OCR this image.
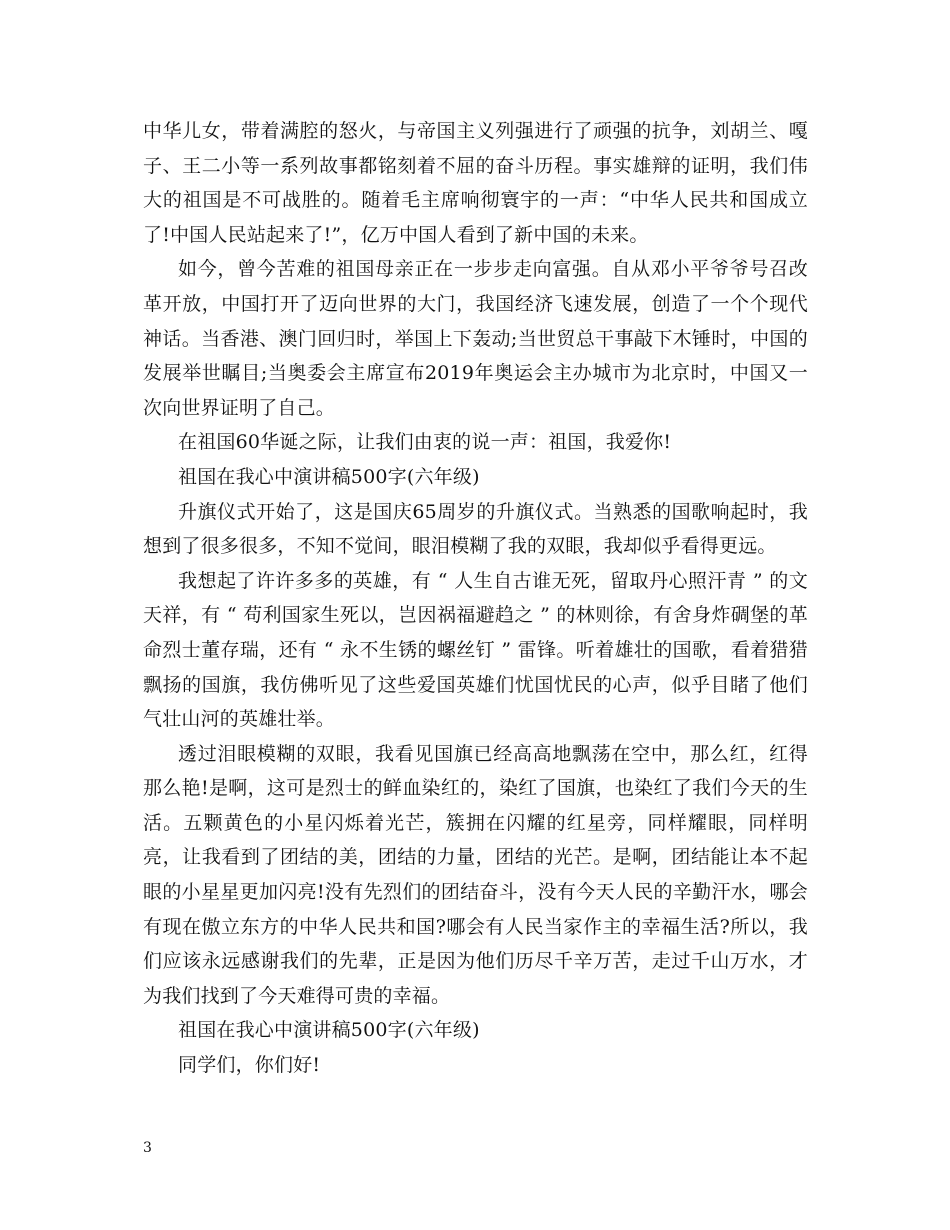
中华儿女，带着满腔的怒火，与帝国主义列强进行了顽强的抗争，刘胡兰、嘎子、王二小等一系列故事都铭刻着不屈的奋斗历程。事实雄辩的证明，我们伟大的祖国是不可战胜的。随着毛主席响彻寰宇的一声：“中华人民共和国成立了!中国人民站起来了!”，亿万中国人看到了新中国的未来。

如今，曾今苦难的祖国母亲正在一步步走向富强。自从邓小平爷爷号召改革开放，中国打开了迈向世界的大门，我国经济飞速发展，创造了一个个现代神话。当香港、澳门回归时，举国上下轰动;当世贸总干事敲下木锤时，中国的发展举世瞩目;当奥委会主席宣布2019年奥运会主办城市为北京时，中国又一次向世界证明了自己。

在祖国60华诞之际，让我们由衷的说一声：祖国，我爱你!

祖国在我心中演讲稿500字(六年级)

升旗仪式开始了，这是国庆65周岁的升旗仪式。当熟悉的国歌响起时，我想到了很多很多，不知不觉间，眼泪模糊了我的双眼，我却似乎看得更远。

我想起了许许多多的英雄，有 “ 人生自古谁无死，留取丹心照汗青 ” 的文天祥，有 “ 苟利国家生死以，岂因祸福避趋之 ” 的林则徐，有舍身炸碉堡的革命烈士董存瑞，还有 “ 永不生锈的螺丝钉 ” 雷锋。听着雄壮的国歌，看着猎猎飘扬的国旗，我仿佛听见了这些爱国英雄们忧国忧民的心声，似乎目睹了他们气壮山河的英雄壮举。

透过泪眼模糊的双眼，我看见国旗已经高高地飘荡在空中，那么红，红得那么艳!是啊，这可是烈士的鲜血染红的，染红了国旗，也染红了我们今天的生活。五颗黄色的小星闪烁着光芒，簇拥在闪耀的红星旁，同样耀眼，同样明亮，让我看到了团结的美，团结的力量，团结的光芒。是啊，团结能让本不起眼的小星星更加闪亮!没有先烈们的团结奋斗，没有今天人民的辛勤汗水，哪会有现在傲立东方的中华人民共和国?哪会有人民当家作主的幸福生活?所以，我们应该永远感谢我们的先辈，正是因为他们历尽千辛万苦，走过千山万水，才为我们找到了今天难得可贵的幸福。

祖国在我心中演讲稿500字(六年级)

同学们，你们好!

3
